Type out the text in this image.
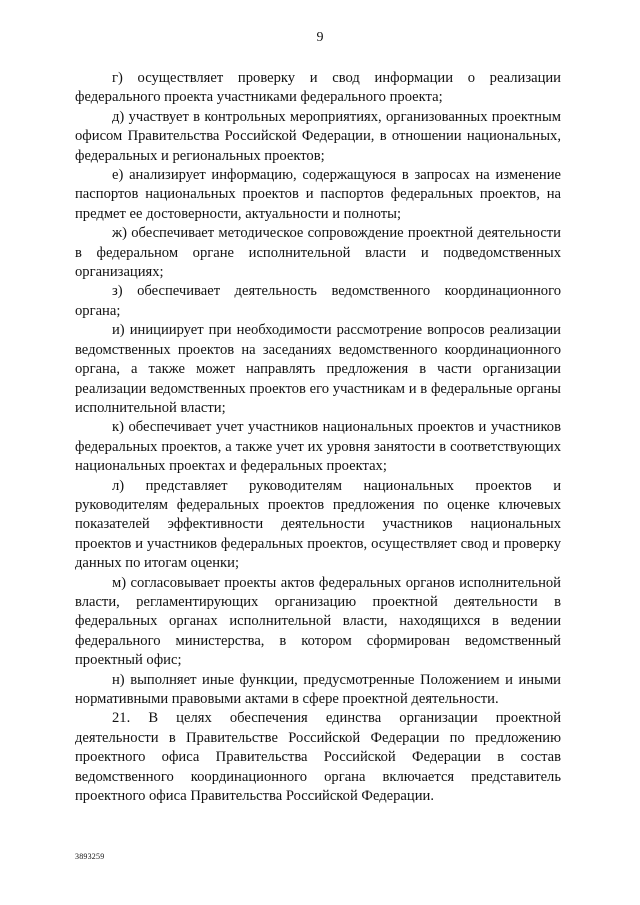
9

г) осуществляет проверку и свод информации о реализации федерального проекта участниками федерального проекта;

д) участвует в контрольных мероприятиях, организованных проектным офисом Правительства Российской Федерации, в отношении национальных, федеральных и региональных проектов;

е) анализирует информацию, содержащуюся в запросах на изменение паспортов национальных проектов и паспортов федеральных проектов, на предмет ее достоверности, актуальности и полноты;

ж) обеспечивает методическое сопровождение проектной деятельности в федеральном органе исполнительной власти и подведомственных организациях;

з) обеспечивает деятельность ведомственного координационного органа;

и) инициирует при необходимости рассмотрение вопросов реализации ведомственных проектов на заседаниях ведомственного координационного органа, а также может направлять предложения в части организации реализации ведомственных проектов его участникам и в федеральные органы исполнительной власти;

к) обеспечивает учет участников национальных проектов и участников федеральных проектов, а также учет их уровня занятости в соответствующих национальных проектах и федеральных проектах;

л) представляет руководителям национальных проектов и руководителям федеральных проектов предложения по оценке ключевых показателей эффективности деятельности участников национальных проектов и участников федеральных проектов, осуществляет свод и проверку данных по итогам оценки;

м) согласовывает проекты актов федеральных органов исполнительной власти, регламентирующих организацию проектной деятельности в федеральных органах исполнительной власти, находящихся в ведении федерального министерства, в котором сформирован ведомственный проектный офис;

н) выполняет иные функции, предусмотренные Положением и иными нормативными правовыми актами в сфере проектной деятельности.

21. В целях обеспечения единства организации проектной деятельности в Правительстве Российской Федерации по предложению проектного офиса Правительства Российской Федерации в состав ведомственного координационного органа включается представитель проектного офиса Правительства Российской Федерации.

3893259
